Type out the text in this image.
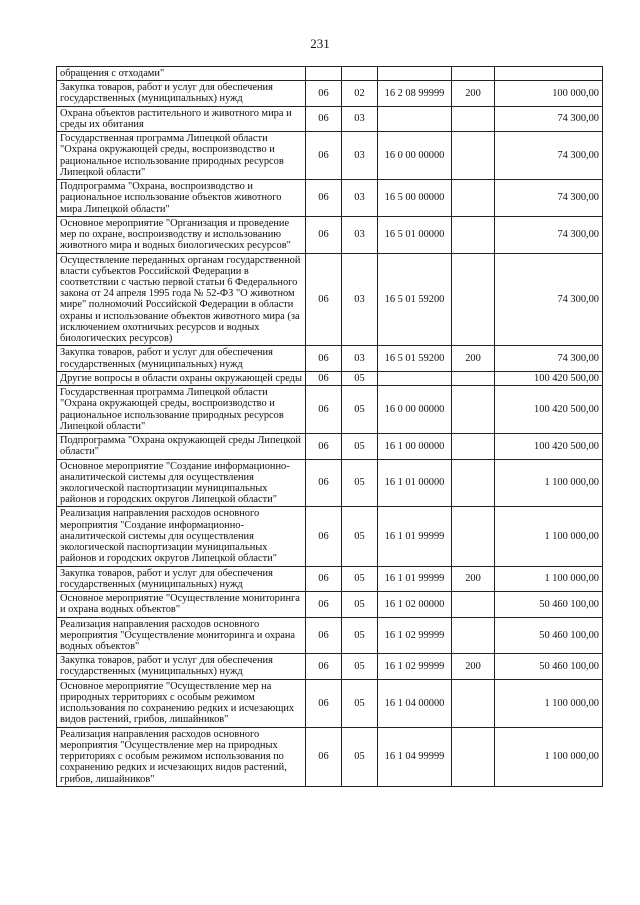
231
обращения с отходами"					
Закупка товаров, работ и услуг для обеспечения государственных (муниципальных) нужд	06	02	16 2 08 99999	200	100 000,00
Охрана объектов растительного и животного мира и среды их обитания	06	03			74 300,00
Государственная программа Липецкой области "Охрана окружающей среды, воспроизводство и рациональное использование природных ресурсов Липецкой области"	06	03	16 0 00 00000		74 300,00
Подпрограмма "Охрана, воспроизводство и рациональное использование объектов животного мира Липецкой области"	06	03	16 5 00 00000		74 300,00
Основное мероприятие "Организация и проведение мер по охране, воспроизводству и использованию животного мира и водных биологических ресурсов"	06	03	16 5 01 00000		74 300,00
Осуществление переданных органам государственной власти субъектов Российской Федерации в соответствии с частью первой статьи 6 Федерального закона от 24 апреля 1995 года № 52-ФЗ "О животном мире" полномочий Российской Федерации в области охраны и использование объектов животного мира (за исключением охотничьих ресурсов и водных биологических ресурсов)	06	03	16 5 01 59200		74 300,00
Закупка товаров, работ и услуг для обеспечения государственных (муниципальных) нужд	06	03	16 5 01 59200	200	74 300,00
Другие вопросы в области охраны окружающей среды	06	05			100 420 500,00
Государственная программа Липецкой области "Охрана окружающей среды, воспроизводство и рациональное использование природных ресурсов Липецкой области"	06	05	16 0 00 00000		100 420 500,00
Подпрограмма "Охрана окружающей среды Липецкой области"	06	05	16 1 00 00000		100 420 500,00
Основное мероприятие "Создание информационно-аналитической системы для осуществления экологической паспортизации муниципальных районов и городских округов Липецкой области"	06	05	16 1 01 00000		1 100 000,00
Реализация направления расходов основного мероприятия "Создание информационно-аналитической системы для осуществления экологической паспортизации муниципальных районов и городских округов Липецкой области"	06	05	16 1 01 99999		1 100 000,00
Закупка товаров, работ и услуг для обеспечения государственных (муниципальных) нужд	06	05	16 1 01 99999	200	1 100 000,00
Основное мероприятие "Осуществление мониторинга и охрана водных объектов"	06	05	16 1 02 00000		50 460 100,00
Реализация направления расходов основного мероприятия "Осуществление мониторинга и охрана водных объектов"	06	05	16 1 02 99999		50 460 100,00
Закупка товаров, работ и услуг для обеспечения государственных (муниципальных) нужд	06	05	16 1 02 99999	200	50 460 100,00
Основное мероприятие "Осуществление мер на природных территориях с особым режимом использования по сохранению редких и исчезающих видов растений, грибов, лишайников"	06	05	16 1 04 00000		1 100 000,00
Реализация направления расходов основного мероприятия "Осуществление мер на природных территориях с особым режимом использования по сохранению редких и исчезающих видов растений, грибов, лишайников"	06	05	16 1 04 99999		1 100 000,00
